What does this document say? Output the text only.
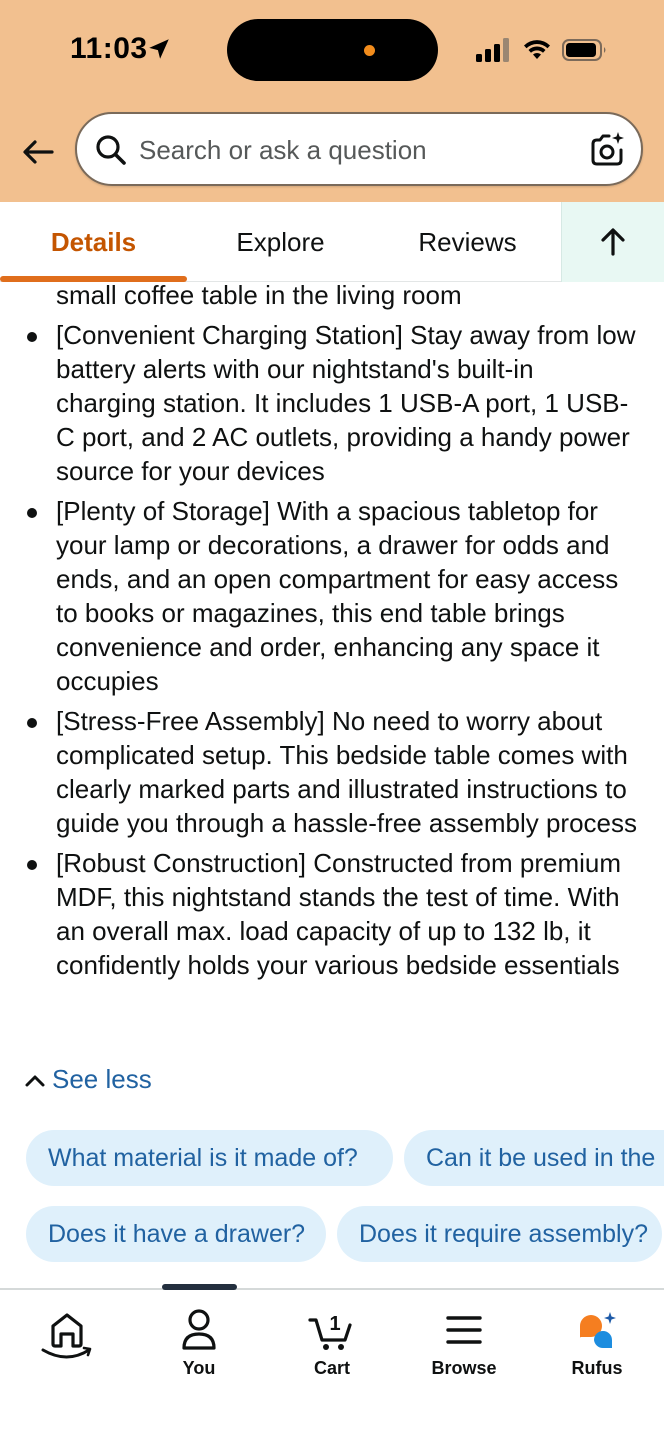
11:03
Search or ask a question
Details	Explore	Reviews
small coffee table in the living room
[Convenient Charging Station] Stay away from low battery alerts with our nightstand's built-in charging station. It includes 1 USB-A port, 1 USB-C port, and 2 AC outlets, providing a handy power source for your devices
[Plenty of Storage] With a spacious tabletop for your lamp or decorations, a drawer for odds and ends, and an open compartment for easy access to books or magazines, this end table brings convenience and order, enhancing any space it occupies
[Stress-Free Assembly] No need to worry about complicated setup. This bedside table comes with clearly marked parts and illustrated instructions to guide you through a hassle-free assembly process
[Robust Construction] Constructed from premium MDF, this nightstand stands the test of time. With an overall max. load capacity of up to 132 lb, it confidently holds your various bedside essentials
See less
What material is it made of?	Can it be used in the
Does it have a drawer?	Does it require assembly?
You
1
Cart	Browse	Rufus
